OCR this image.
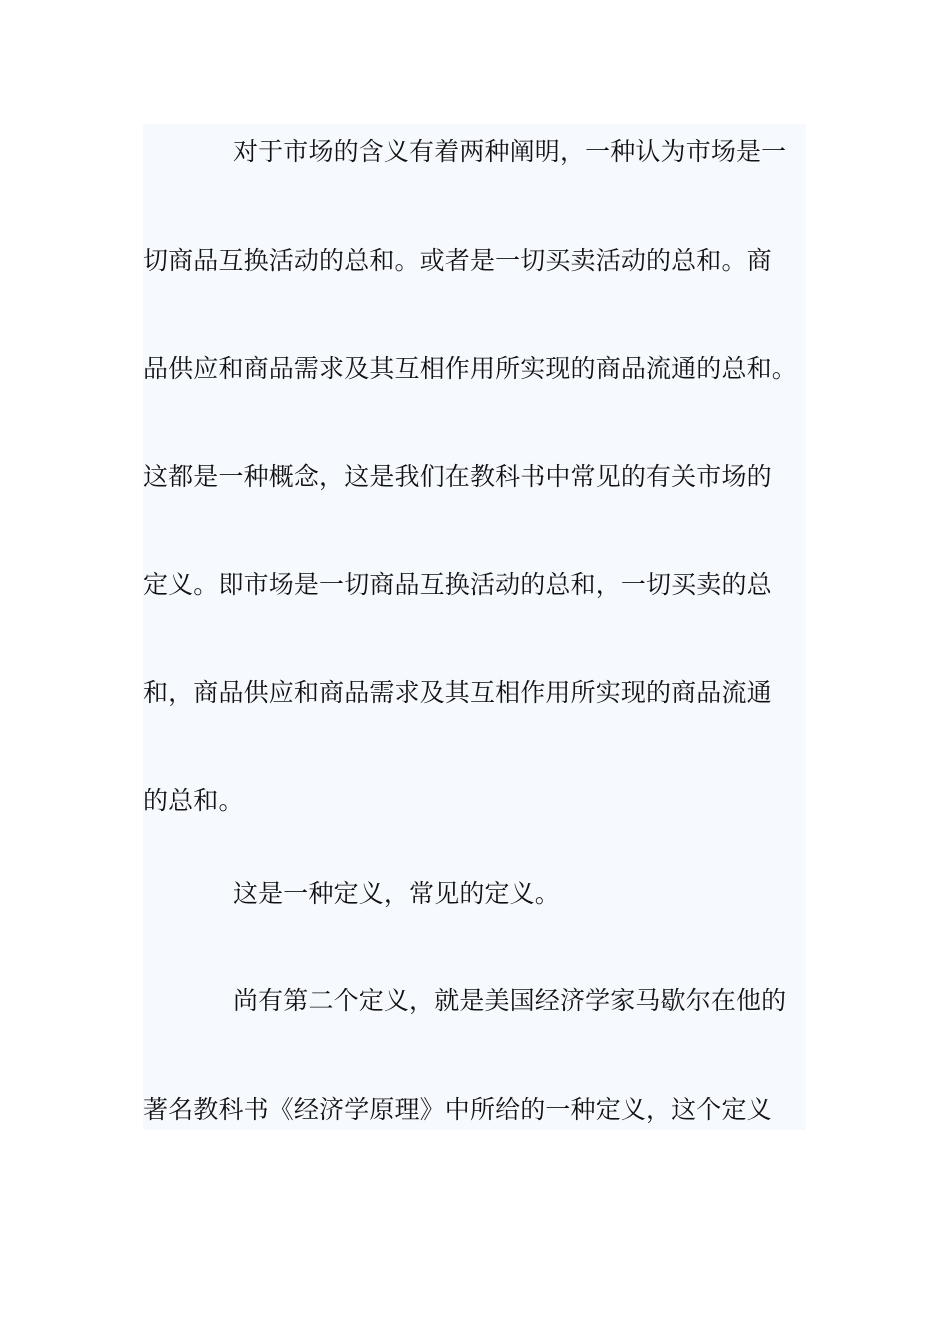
对于市场的含义有着两种阐明，一种认为市场是一
切商品互换活动的总和。或者是一切买卖活动的总和。商
品供应和商品需求及其互相作用所实现的商品流通的总和。
这都是一种概念，这是我们在教科书中常见的有关市场的
定义。即市场是一切商品互换活动的总和，一切买卖的总
和，商品供应和商品需求及其互相作用所实现的商品流通
的总和。
这是一种定义，常见的定义。
尚有第二个定义，就是美国经济学家马歇尔在他的
著名教科书《经济学原理》中所给的一种定义，这个定义
